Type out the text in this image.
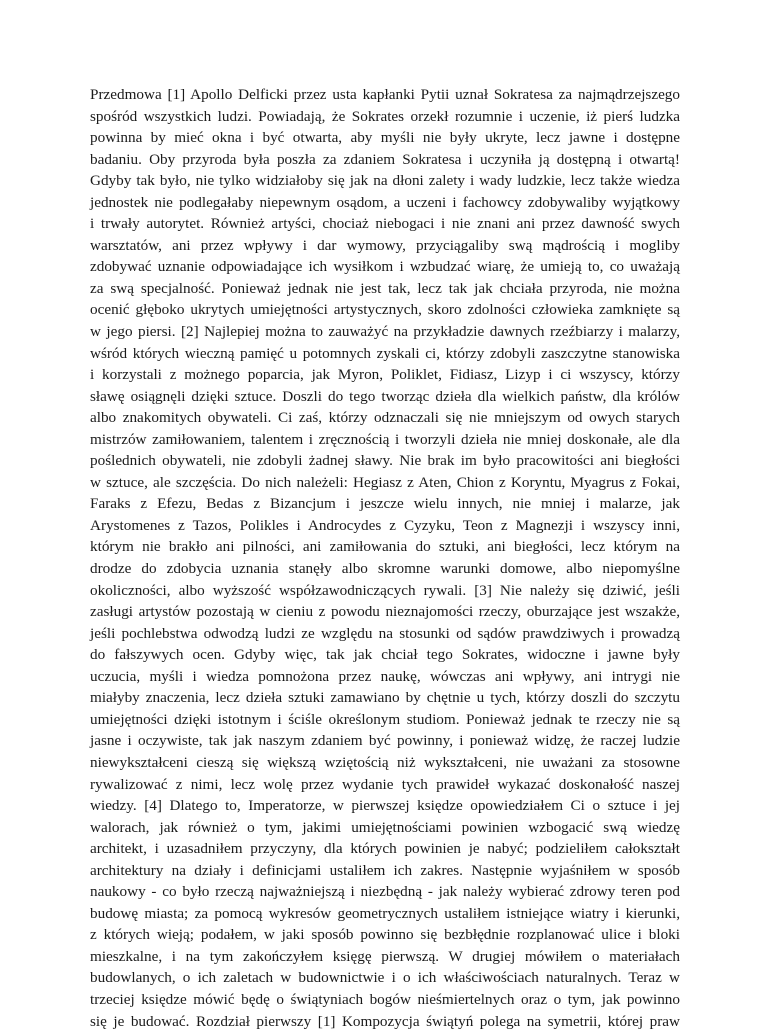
Przedmowa [1] Apollo Delficki przez usta kapłanki Pytii uznał Sokratesa za najmądrzejszego
spośród wszystkich ludzi. Powiadają, że Sokrates orzekł rozumnie i uczenie, iż pierś ludzka
powinna by mieć okna i być otwarta, aby myśli nie były ukryte, lecz jawne i dostępne
badaniu. Oby przyroda była poszła za zdaniem Sokratesa i uczyniła ją dostępną i otwartą!
Gdyby tak było, nie tylko widziałoby się jak na dłoni zalety i wady ludzkie, lecz także wiedza
jednostek nie podlegałaby niepewnym osądom, a uczeni i fachowcy zdobywaliby wyjątkowy
i trwały autorytet. Również artyści, chociaż niebogaci i nie znani ani przez dawność swych
warsztatów, ani przez wpływy i dar wymowy, przyciągaliby swą mądrością i mogliby
zdobywać uznanie odpowiadające ich wysiłkom i wzbudzać wiarę, że umieją to, co uważają
za swą specjalność. Ponieważ jednak nie jest tak, lecz tak jak chciała przyroda, nie można
ocenić głęboko ukrytych umiejętności artystycznych, skoro zdolności człowieka zamknięte są
w jego piersi. [2] Najlepiej można to zauważyć na przykładzie dawnych rzeźbiarzy i malarzy,
wśród których wieczną pamięć u potomnych zyskali ci, którzy zdobyli zaszczytne stanowiska
i korzystali z możnego poparcia, jak Myron, Poliklet, Fidiasz, Lizyp i ci wszyscy, którzy
sławę osiągnęli dzięki sztuce. Doszli do tego tworząc dzieła dla wielkich państw, dla królów
albo znakomitych obywateli. Ci zaś, którzy odznaczali się nie mniejszym od owych starych
mistrzów zamiłowaniem, talentem i zręcznością i tworzyli dzieła nie mniej doskonałe, ale dla
poślednich obywateli, nie zdobyli żadnej sławy. Nie brak im było pracowitości ani biegłości
w sztuce, ale szczęścia. Do nich należeli: Hegiasz z Aten, Chion z Koryntu, Myagrus z Fokai,
Faraks z Efezu, Bedas z Bizancjum i jeszcze wielu innych, nie mniej i malarze, jak
Arystomenes z Tazos, Polikles i Androcydes z Cyzyku, Teon z Magnezji i wszyscy inni,
którym nie brakło ani pilności, ani zamiłowania do sztuki, ani biegłości, lecz którym na
drodze do zdobycia uznania stanęły albo skromne warunki domowe, albo niepomyślne
okoliczności, albo wyższość współzawodniczących rywali. [3] Nie należy się dziwić, jeśli
zasługi artystów pozostają w cieniu z powodu nieznajomości rzeczy, oburzające jest wszakże,
jeśli pochlebstwa odwodzą ludzi ze względu na stosunki od sądów prawdziwych i prowadzą
do fałszywych ocen. Gdyby więc, tak jak chciał tego Sokrates, widoczne i jawne były
uczucia, myśli i wiedza pomnożona przez naukę, wówczas ani wpływy, ani intrygi nie
miałyby znaczenia, lecz dzieła sztuki zamawiano by chętnie u tych, którzy doszli do szczytu
umiejętności dzięki istotnym i ściśle określonym studiom. Ponieważ jednak te rzeczy nie są
jasne i oczywiste, tak jak naszym zdaniem być powinny, i ponieważ widzę, że raczej ludzie
niewykształceni cieszą się większą wziętością niż wykształceni, nie uważani za stosowne
rywalizować z nimi, lecz wolę przez wydanie tych prawideł wykazać doskonałość naszej
wiedzy. [4] Dlatego to, Imperatorze, w pierwszej księdze opowiedziałem Ci o sztuce i jej
walorach, jak również o tym, jakimi umiejętnościami powinien wzbogacić swą wiedzę
architekt, i uzasadniłem przyczyny, dla których powinien je nabyć; podzieliłem całokształt
architektury na działy i definicjami ustaliłem ich zakres. Następnie wyjaśniłem w sposób
naukowy - co było rzeczą najważniejszą i niezbędną - jak należy wybierać zdrowy teren pod
budowę miasta; za pomocą wykresów geometrycznych ustaliłem istniejące wiatry i kierunki,
z których wieją; podałem, w jaki sposób powinno się bezbłędnie rozplanować ulice i bloki
mieszkalne, i na tym zakończyłem księgę pierwszą. W drugiej mówiłem o materiałach
budowlanych, o ich zaletach w budownictwie i o ich właściwościach naturalnych. Teraz w
trzeciej księdze mówić będę o świątyniach bogów nieśmiertelnych oraz o tym, jak powinno
się je budować. Rozdział pierwszy [1] Kompozycja świątyń polega na symetrii, której praw
